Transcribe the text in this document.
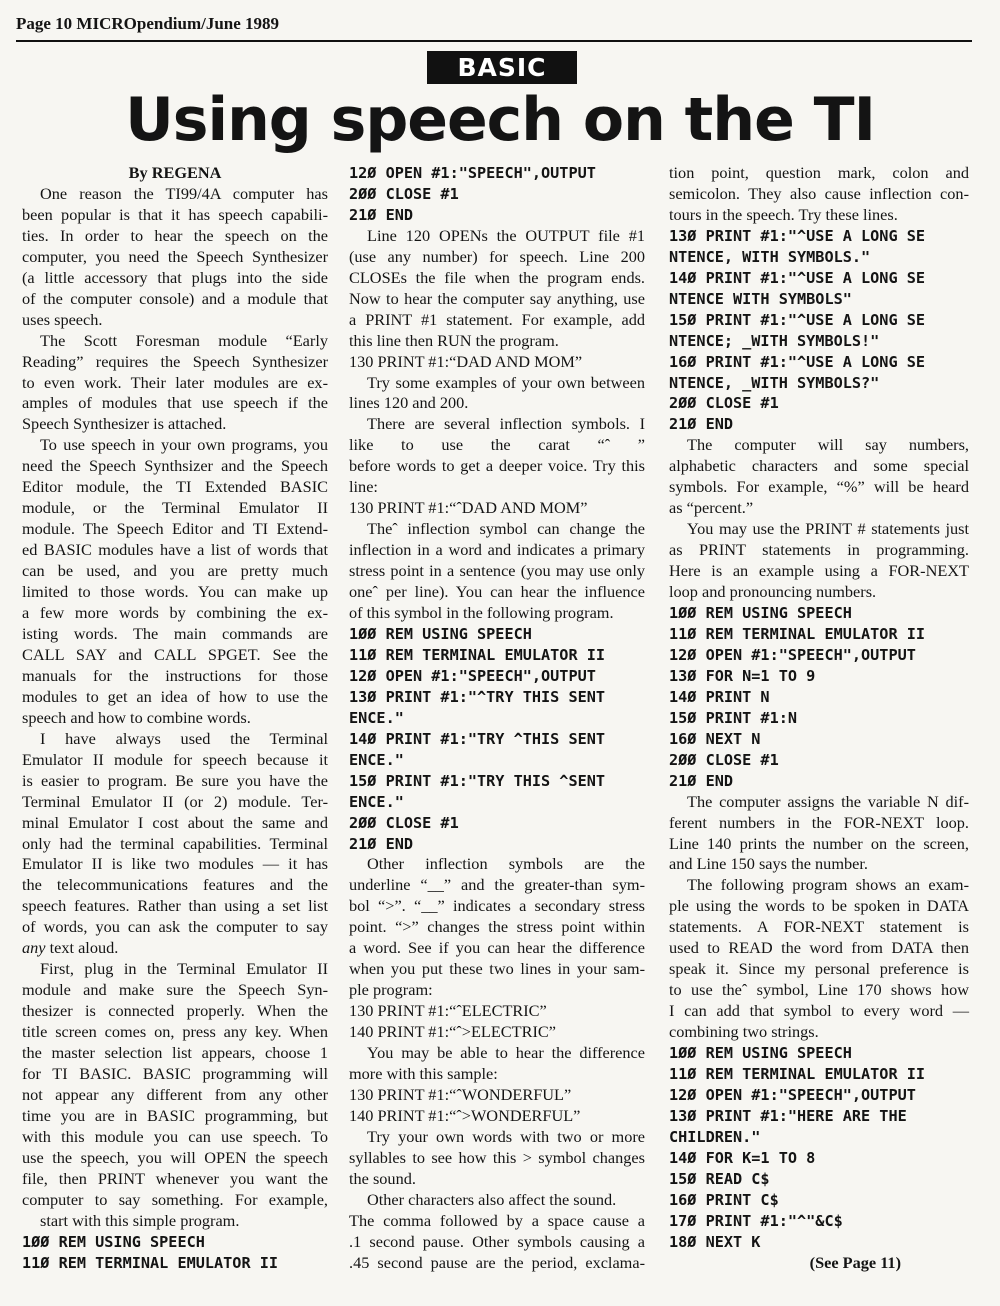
Page 10 MICROpendium/June 1989
BASIC
Using speech on the TI
By REGENA
One reason the TI99/4A computer has
been popular is that it has speech capabili-
ties. In order to hear the speech on the
computer, you need the Speech Synthesizer
(a little accessory that plugs into the side
of the computer console) and a module that
uses speech.
The Scott Foresman module “Early
Reading” requires the Speech Synthesizer
to even work. Their later modules are ex-
amples of modules that use speech if the
Speech Synthesizer is attached.
To use speech in your own programs, you
need the Speech Synthsizer and the Speech
Editor module, the TI Extended BASIC
module, or the Terminal Emulator II
module. The Speech Editor and TI Extend-
ed BASIC modules have a list of words that
can be used, and you are pretty much
limited to those words. You can make up
a few more words by combining the ex-
isting words. The main commands are
CALL SAY and CALL SPGET. See the
manuals for the instructions for those
modules to get an idea of how to use the
speech and how to combine words.
I have always used the Terminal
Emulator II module for speech because it
is easier to program. Be sure you have the
Terminal Emulator II (or 2) module. Ter-
minal Emulator I cost about the same and
only had the terminal capabilities. Terminal
Emulator II is like two modules — it has
the telecommunications features and the
speech features. Rather than using a set list
of words, you can ask the computer to say
any text aloud.
First, plug in the Terminal Emulator II
module and make sure the Speech Syn-
thesizer is connected properly. When the
title screen comes on, press any key. When
the master selection list appears, choose 1
for TI BASIC. BASIC programming will
not appear any different from any other
time you are in BASIC programming, but
with this module you can use speech. To
use the speech, you will OPEN the speech
file, then PRINT whenever you want the
computer to say something. For example,
start with this simple program.
1ØØ REM USING SPEECH
11Ø REM TERMINAL EMULATOR II
12Ø OPEN #1:"SPEECH",OUTPUT
2ØØ CLOSE #1
21Ø END
Line 120 OPENs the OUTPUT file #1
(use any number) for speech. Line 200
CLOSEs the file when the program ends.
Now to hear the computer say anything, use
a PRINT #1 statement. For example, add
this line then RUN the program.
130 PRINT #1:“DAD AND MOM”
Try some examples of your own between
lines 120 and 200.
There are several inflection symbols. I
like to use the carat “ˆ ”
before words to get a deeper voice. Try this
line:
130 PRINT #1:“ˆDAD AND MOM”
Theˆ inflection symbol can change the
inflection in a word and indicates a primary
stress point in a sentence (you may use only
oneˆ per line). You can hear the influence
of this symbol in the following program.
1ØØ REM USING SPEECH
11Ø REM TERMINAL EMULATOR II
12Ø OPEN #1:"SPEECH",OUTPUT
13Ø PRINT #1:"^TRY THIS SENT
ENCE."
14Ø PRINT #1:"TRY ^THIS SENT
ENCE."
15Ø PRINT #1:"TRY THIS ^SENT
ENCE."
2ØØ CLOSE #1
21Ø END
Other inflection symbols are the
underline “__” and the greater-than sym-
bol “>”. “__” indicates a secondary stress
point. “>” changes the stress point within
a word. See if you can hear the difference
when you put these two lines in your sam-
ple program:
130 PRINT #1:“ˆELECTRIC”
140 PRINT #1:“ˆ>ELECTRIC”
You may be able to hear the difference
more with this sample:
130 PRINT #1:“ˆWONDERFUL”
140 PRINT #1:“ˆ>WONDERFUL”
Try your own words with two or more
syllables to see how this > symbol changes
the sound.
Other characters also affect the sound.
The comma followed by a space cause a
.1 second pause. Other symbols causing a
.45 second pause are the period, exclama-
tion point, question mark, colon and
semicolon. They also cause inflection con-
tours in the speech. Try these lines.
13Ø PRINT #1:"^USE A LONG SE
NTENCE, WITH SYMBOLS."
14Ø PRINT #1:"^USE A LONG SE
NTENCE WITH SYMBOLS"
15Ø PRINT #1:"^USE A LONG SE
NTENCE; _WITH SYMBOLS!"
16Ø PRINT #1:"^USE A LONG SE
NTENCE, _WITH SYMBOLS?"
2ØØ CLOSE #1
21Ø END
The computer will say numbers,
alphabetic characters and some special
symbols. For example, “%” will be heard
as “percent.”
You may use the PRINT # statements just
as PRINT statements in programming.
Here is an example using a FOR-NEXT
loop and pronouncing numbers.
1ØØ REM USING SPEECH
11Ø REM TERMINAL EMULATOR II
12Ø OPEN #1:"SPEECH",OUTPUT
13Ø FOR N=1 TO 9
14Ø PRINT N
15Ø PRINT #1:N
16Ø NEXT N
2ØØ CLOSE #1
21Ø END
The computer assigns the variable N dif-
ferent numbers in the FOR-NEXT loop.
Line 140 prints the number on the screen,
and Line 150 says the number.
The following program shows an exam-
ple using the words to be spoken in DATA
statements. A FOR-NEXT statement is
used to READ the word from DATA then
speak it. Since my personal preference is
to use theˆ symbol, Line 170 shows how
I can add that symbol to every word —
combining two strings.
1ØØ REM USING SPEECH
11Ø REM TERMINAL EMULATOR II
12Ø OPEN #1:"SPEECH",OUTPUT
13Ø PRINT #1:"HERE ARE THE
CHILDREN."
14Ø FOR K=1 TO 8
15Ø READ C$
16Ø PRINT C$
17Ø PRINT #1:"^"&C$
18Ø NEXT K
(See Page 11)
